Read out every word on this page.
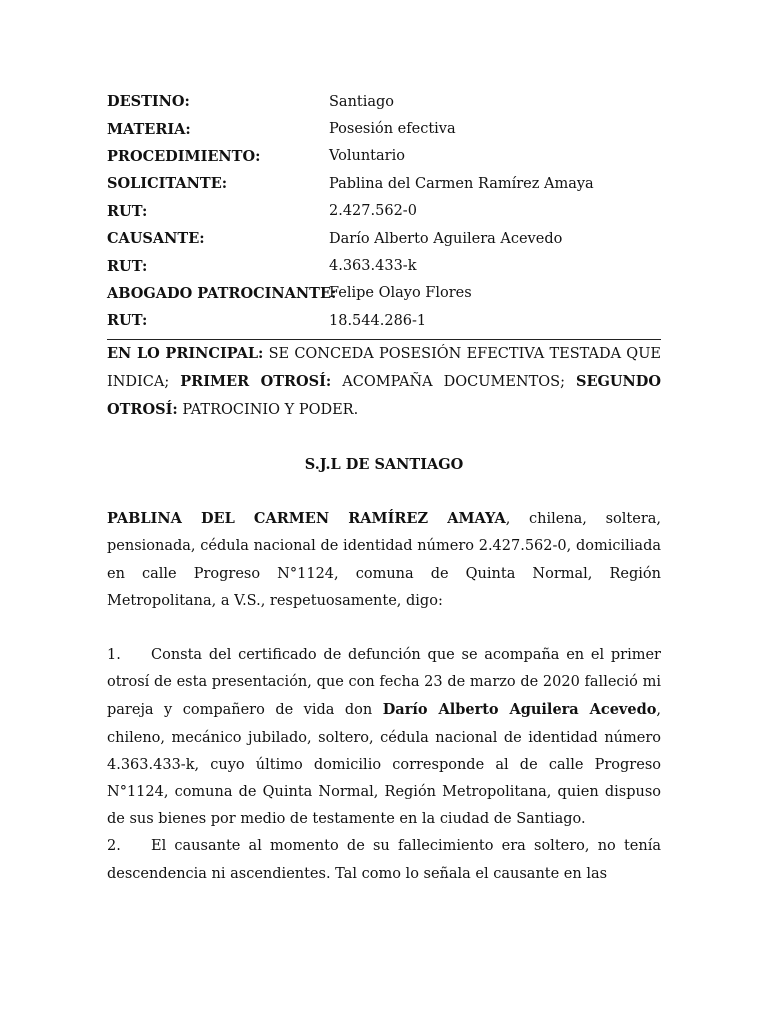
DESTINO:	Santiago
MATERIA:	Posesión efectiva
PROCEDIMIENTO:	Voluntario
SOLICITANTE:	Pablina del Carmen Ramírez Amaya
RUT:	2.427.562-0
CAUSANTE:	Darío Alberto Aguilera Acevedo
RUT:	4.363.433-k
ABOGADO PATROCINANTE:
Felipe Olayo Flores
RUT:	18.544.286-1

EN LO PRINCIPAL: SE CONCEDA POSESIÓN EFECTIVA TESTADA QUE INDICA; PRIMER OTROSÍ: ACOMPAÑA DOCUMENTOS; SEGUNDO OTROSÍ: PATROCINIO Y PODER.

S.J.L DE SANTIAGO

PABLINA DEL CARMEN RAMÍREZ AMAYA, chilena, soltera, pensionada, cédula nacional de identidad número 2.427.562-0, domiciliada en calle Progreso N°1124, comuna de Quinta Normal, Región Metropolitana, a V.S., respetuosamente, digo:

1. Consta del certificado de defunción que se acompaña en el primer otrosí de esta presentación, que con fecha 23 de marzo de 2020 falleció mi pareja y compañero de vida don Darío Alberto Aguilera Acevedo, chileno, mecánico jubilado, soltero, cédula nacional de identidad número 4.363.433-k, cuyo último domicilio corresponde al de calle Progreso N°1124, comuna de Quinta Normal, Región Metropolitana, quien dispuso de sus bienes por medio de testamente en la ciudad de Santiago.

2. El causante al momento de su fallecimiento era soltero, no tenía descendencia ni ascendientes. Tal como lo señala el causante en las
